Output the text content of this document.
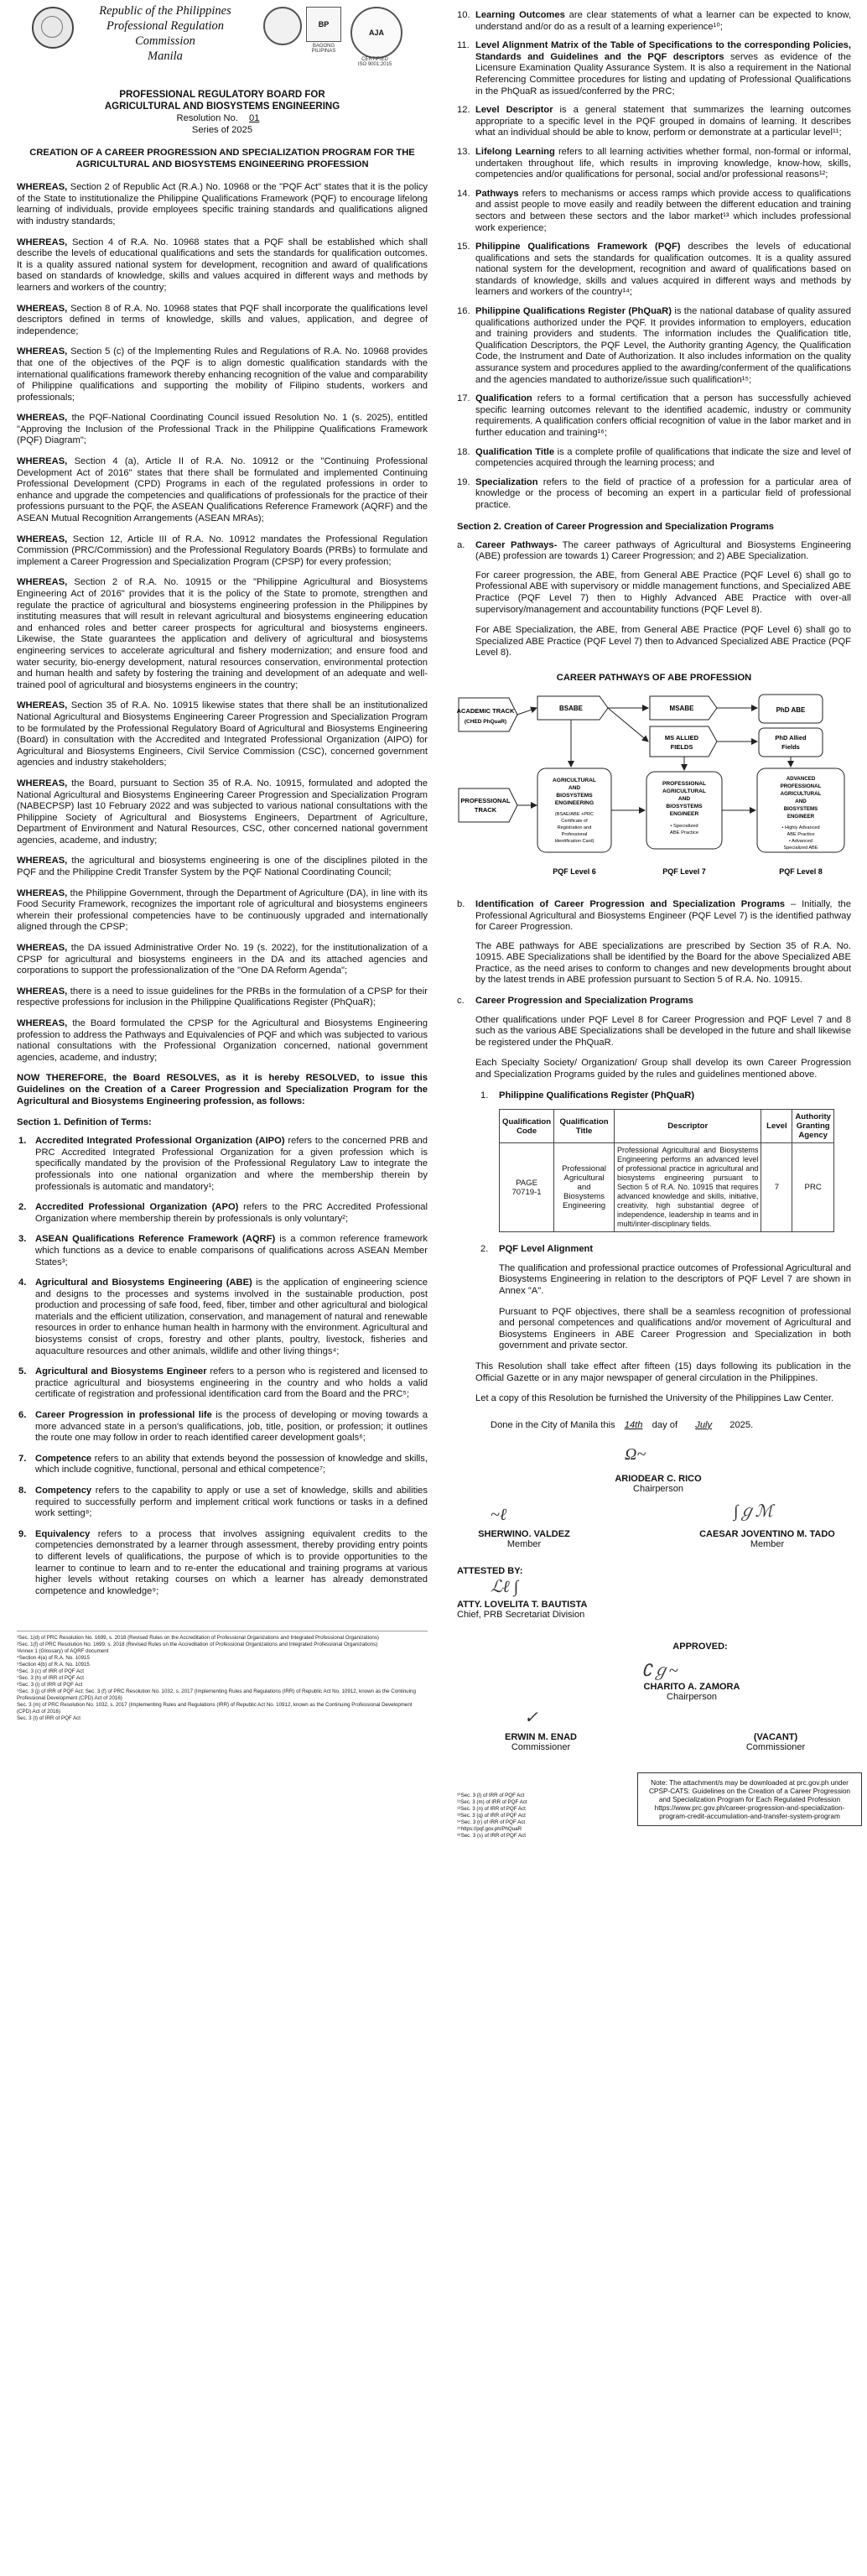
Republic of the Philippines
Professional Regulation Commission
Manila
BP
BAGONG PILIPINAS
AJA
CERTIFIED
ISO 9001:2015
PROFESSIONAL REGULATORY BOARD FOR
AGRICULTURAL AND BIOSYSTEMS ENGINEERING
Resolution No. 01
Series of 2025
CREATION OF A CAREER PROGRESSION AND SPECIALIZATION PROGRAM FOR THE AGRICULTURAL AND BIOSYSTEMS ENGINEERING PROFESSION

WHEREAS, Section 2 of Republic Act (R.A.) No. 10968 or the "PQF Act" states that it is the policy of the State to institutionalize the Philippine Qualifications Framework (PQF) to encourage lifelong learning of individuals, provide employees specific training standards and qualifications aligned with industry standards;

WHEREAS, Section 4 of R.A. No. 10968 states that a PQF shall be established which shall describe the levels of educational qualifications and sets the standards for qualification outcomes. It is a quality assured national system for development, recognition and award of qualifications based on standards of knowledge, skills and values acquired in different ways and methods by learners and workers of the country;

WHEREAS, Section 8 of R.A. No. 10968 states that PQF shall incorporate the qualifications level descriptors defined in terms of knowledge, skills and values, application, and degree of independence;

WHEREAS, Section 5 (c) of the Implementing Rules and Regulations of R.A. No. 10968 provides that one of the objectives of the PQF is to align domestic qualification standards with the international qualifications framework thereby enhancing recognition of the value and comparability of Philippine qualifications and supporting the mobility of Filipino students, workers and professionals;

WHEREAS, the PQF-National Coordinating Council issued Resolution No. 1 (s. 2025), entitled "Approving the Inclusion of the Professional Track in the Philippine Qualifications Framework (PQF) Diagram";

WHEREAS, Section 4 (a), Article II of R.A. No. 10912 or the "Continuing Professional Development Act of 2016" states that there shall be formulated and implemented Continuing Professional Development (CPD) Programs in each of the regulated professions in order to enhance and upgrade the competencies and qualifications of professionals for the practice of their professions pursuant to the PQF, the ASEAN Qualifications Reference Framework (AQRF) and the ASEAN Mutual Recognition Arrangements (ASEAN MRAs);

WHEREAS, Section 12, Article III of R.A. No. 10912 mandates the Professional Regulation Commission (PRC/Commission) and the Professional Regulatory Boards (PRBs) to formulate and implement a Career Progression and Specialization Program (CPSP) for every profession;

WHEREAS, Section 2 of R.A. No. 10915 or the "Philippine Agricultural and Biosystems Engineering Act of 2016" provides that it is the policy of the State to promote, strengthen and regulate the practice of agricultural and biosystems engineering profession in the Philippines by instituting measures that will result in relevant agricultural and biosystems engineering education and enhanced roles and better career prospects for agricultural and biosystems engineers. Likewise, the State guarantees the application and delivery of agricultural and biosystems engineering services to accelerate agricultural and fishery modernization; and ensure food and water security, bio-energy development, natural resources conservation, environmental protection and human health and safety by fostering the training and development of an adequate and well-trained pool of agricultural and biosystems engineers in the country;

WHEREAS, Section 35 of R.A. No. 10915 likewise states that there shall be an institutionalized National Agricultural and Biosystems Engineering Career Progression and Specialization Program to be formulated by the Professional Regulatory Board of Agricultural and Biosystems Engineering (Board) in consultation with the Accredited and Integrated Professional Organization (AIPO) for Agricultural and Biosystems Engineers, Civil Service Commission (CSC), concerned government agencies and industry stakeholders;

WHEREAS, the Board, pursuant to Section 35 of R.A. No. 10915, formulated and adopted the National Agricultural and Biosystems Engineering Career Progression and Specialization Program (NABECPSP) last 10 February 2022 and was subjected to various national consultations with the Philippine Society of Agricultural and Biosystems Engineers, Department of Agriculture, Department of Environment and Natural Resources, CSC, other concerned national government agencies, academe, and industry;

WHEREAS, the agricultural and biosystems engineering is one of the disciplines piloted in the PQF and the Philippine Credit Transfer System by the PQF National Coordinating Council;

WHEREAS, the Philippine Government, through the Department of Agriculture (DA), in line with its Food Security Framework, recognizes the important role of agricultural and biosystems engineers wherein their professional competencies have to be continuously upgraded and internationally aligned through the CPSP;

WHEREAS, the DA issued Administrative Order No. 19 (s. 2022), for the institutionalization of a CPSP for agricultural and biosystems engineers in the DA and its attached agencies and corporations to support the professionalization of the "One DA Reform Agenda";

WHEREAS, there is a need to issue guidelines for the PRBs in the formulation of a CPSP for their respective professions for inclusion in the Philippine Qualifications Register (PhQuaR);

WHEREAS, the Board formulated the CPSP for the Agricultural and Biosystems Engineering profession to address the Pathways and Equivalencies of PQF and which was subjected to various national consultations with the Professional Organization concerned, national government agencies, academe, and industry;

NOW THEREFORE, the Board RESOLVES, as it is hereby RESOLVED, to issue this Guidelines on the Creation of a Career Progression and Specialization Program for the Agricultural and Biosystems Engineering profession, as follows:

Section 1. Definition of Terms:

1. Accredited Integrated Professional Organization (AIPO) refers to the concerned PRB and PRC Accredited Integrated Professional Organization for a given profession which is specifically mandated by the provision of the Professional Regulatory Law to integrate the professionals into one national organization and where the membership therein by professionals is automatic and mandatory¹;

2. Accredited Professional Organization (APO) refers to the PRC Accredited Professional Organization where membership therein by professionals is only voluntary²;

3. ASEAN Qualifications Reference Framework (AQRF) is a common reference framework which functions as a device to enable comparisons of qualifications across ASEAN Member States³;

4. Agricultural and Biosystems Engineering (ABE) is the application of engineering science and designs to the processes and systems involved in the sustainable production, post production and processing of safe food, feed, fiber, timber and other agricultural and biological materials and the efficient utilization, conservation, and management of natural and renewable resources in order to enhance human health in harmony with the environment. Agricultural and biosystems consist of crops, forestry and other plants, poultry, livestock, fisheries and aquaculture resources and other animals, wildlife and other living things⁴;

5. Agricultural and Biosystems Engineer refers to a person who is registered and licensed to practice agricultural and biosystems engineering in the country and who holds a valid certificate of registration and professional identification card from the Board and the PRC⁵;

6. Career Progression in professional life is the process of developing or moving towards a more advanced state in a person's qualifications, job, title, position, or profession; it outlines the route one may follow in order to reach identified career development goals⁶;

7. Competence refers to an ability that extends beyond the possession of knowledge and skills, which include cognitive, functional, personal and ethical competence⁷;

8. Competency refers to the capability to apply or use a set of knowledge, skills and abilities required to successfully perform and implement critical work functions or tasks in a defined work setting⁸;

9. Equivalency refers to a process that involves assigning equivalent credits to the competencies demonstrated by a learner through assessment, thereby providing entry points to different levels of qualifications, the purpose of which is to provide opportunities to the learner to continue to learn and to re-enter the educational and training programs at various higher levels without retaking courses on which a learner has already demonstrated competence and knowledge⁹;

¹Sec. 1(d) of PRC Resolution No. 1699, s. 2018 (Revised Rules on the Accreditation of Professional Organizations and Integrated Professional Organizations)
²Sec. 1(f) of PRC Resolution No. 1699, s. 2018 (Revised Rules on the Accreditation of Professional Organizations and Integrated Professional Organizations)
³Annex 1 (Glossary) of AQRF document
⁴Section 4(a) of R.A. No. 10915
⁵Section 4(b) of R.A. No. 10915
⁶Sec. 3 (c) of IRR of PQF Act
⁷Sec. 3 (h) of IRR of PQF Act
⁸Sec. 3 (i) of IRR of PQF Act
⁹Sec. 3 (j) of IRR of PQF Act; Sec. 3 (f) of PRC Resolution No. 1032, s. 2017 (Implementing Rules and Regulations (IRR) of Republic Act No. 10912, known as the Continuing Professional Development (CPD) Act of 2016)
Sec. 3 (m) of PRC Resolution No. 1032, s. 2017 (Implementing Rules and Regulations (IRR) of Republic Act No. 10912, known as the Continuing Professional Development (CPD) Act of 2016)
Sec. 3 (t) of IRR of PQF Act

10. Learning Outcomes are clear statements of what a learner can be expected to know, understand and/or do as a result of a learning experience¹⁰;

11. Level Alignment Matrix of the Table of Specifications to the corresponding Policies, Standards and Guidelines and the PQF descriptors serves as evidence of the Licensure Examination Quality Assurance System. It is also a requirement in the National Referencing Committee procedures for listing and updating of Professional Qualifications in the PhQuaR as issued/conferred by the PRC;

12. Level Descriptor is a general statement that summarizes the learning outcomes appropriate to a specific level in the PQF grouped in domains of learning. It describes what an individual should be able to know, perform or demonstrate at a particular level¹¹;

13. Lifelong Learning refers to all learning activities whether formal, non-formal or informal, undertaken throughout life, which results in improving knowledge, know-how, skills, competencies and/or qualifications for personal, social and/or professional reasons¹²;

14. Pathways refers to mechanisms or access ramps which provide access to qualifications and assist people to move easily and readily between the different education and training sectors and between these sectors and the labor market¹³ which includes professional work experience;

15. Philippine Qualifications Framework (PQF) describes the levels of educational qualifications and sets the standards for qualification outcomes. It is a quality assured national system for the development, recognition and award of qualifications based on standards of knowledge, skills and values acquired in different ways and methods by learners and workers of the country¹⁴;

16. Philippine Qualifications Register (PhQuaR) is the national database of quality assured qualifications authorized under the PQF. It provides information to employers, education and training providers and students. The information includes the Qualification title, Qualification Descriptors, the PQF Level, the Authority granting Agency, the Qualification Code, the Instrument and Date of Authorization. It also includes information on the quality assurance system and procedures applied to the awarding/conferment of the qualifications and the agencies mandated to authorize/issue such qualification¹⁵;

17. Qualification refers to a formal certification that a person has successfully achieved specific learning outcomes relevant to the identified academic, industry or community requirements. A qualification confers official recognition of value in the labor market and in further education and training¹⁶;

18. Qualification Title is a complete profile of qualifications that indicate the size and level of competencies acquired through the learning process; and

19. Specialization refers to the field of practice of a profession for a particular area of knowledge or the process of becoming an expert in a particular field of professional practice.

Section 2. Creation of Career Progression and Specialization Programs

a. Career Pathways- The career pathways of Agricultural and Biosystems Engineering (ABE) profession are towards 1) Career Progression; and 2) ABE Specialization.

For career progression, the ABE, from General ABE Practice (PQF Level 6) shall go to Professional ABE with supervisory or middle management functions, and Specialized ABE Practice (PQF Level 7) then to Highly Advanced ABE Practice with over-all supervisory/management and accountability functions (PQF Level 8).

For ABE Specialization, the ABE, from General ABE Practice (PQF Level 6) shall go to Specialized ABE Practice (PQF Level 7) then to Advanced Specialized ABE Practice (PQF Level 8).

CAREER PATHWAYS OF ABE PROFESSION
ACADEMIC TRACK
(CHED PhQuaR)
PROFESSIONAL
TRACK
BSABE	MSABE	PhD ABE
MS ALLIED
FIELDS
PhD Allied
Fields
AGRICULTURAL
AND
BIOSYSTEMS
ENGINEERING
(BSAE/ABE +PRC
Certificate of
Registration and
Professional
Identification Card)
PROFESSIONAL
AGRICULTURAL
AND
BIOSYSTEMS
ENGINEER
• Specialized
ABE Practice
ADVANCED
PROFESSIONAL
AGRICULTURAL
AND
BIOSYSTEMS
ENGINEER
• Highly Advanced
ABE Practice
• Advanced
Specialized ABE
PQF Level 6	PQF Level 7	PQF Level 8

b. Identification of Career Progression and Specialization Programs – Initially, the Professional Agricultural and Biosystems Engineer (PQF Level 7) is the identified pathway for Career Progression.

The ABE pathways for ABE specializations are prescribed by Section 35 of R.A. No. 10915. ABE Specializations shall be identified by the Board for the above Specialized ABE Practice, as the need arises to conform to changes and new developments brought about by the latest trends in ABE profession pursuant to Section 5 of R.A. No. 10915.

c. Career Progression and Specialization Programs

Other qualifications under PQF Level 8 for Career Progression and PQF Level 7 and 8 such as the various ABE Specializations shall be developed in the future and shall likewise be registered under the PhQuaR.

Each Specialty Society/ Organization/ Group shall develop its own Career Progression and Specialization Programs guided by the rules and guidelines mentioned above.

1. Philippine Qualifications Register (PhQuaR)

Qualification Code	Qualification Title	Descriptor	Level	Authority Granting Agency
PAGE 70719-1	Professional Agricultural and Biosystems Engineering	Professional Agricultural and Biosystems Engineering performs an advanced level of professional practice in agricultural and biosystems engineering pursuant to Section 5 of R.A. No. 10915 that requires advanced knowledge and skills, initiative, creativity, high substantial degree of independence, leadership in teams and in multi/inter-disciplinary fields.	7	PRC

2. PQF Level Alignment

The qualification and professional practice outcomes of Professional Agricultural and Biosystems Engineering in relation to the descriptors of PQF Level 7 are shown in Annex "A".

Pursuant to PQF objectives, there shall be a seamless recognition of professional and personal competences and qualifications and/or movement of Agricultural and Biosystems Engineers in ABE Career Progression and Specialization in both government and private sector.

This Resolution shall take effect after fifteen (15) days following its publication in the Official Gazette or in any major newspaper of general circulation in the Philippines.

Let a copy of this Resolution be furnished the University of the Philippines Law Center.

Done in the City of Manila this 14th day of July 2025.

Ω~
ARIODEAR C. RICO
Chairperson
~ℓ	∫ℊℳ
SHERWINO. VALDEZ
Member
CAESAR JOVENTINO M. TADO
Member
ATTESTED BY:
ℒℓ ∫
ATTY. LOVELITA T. BAUTISTA
Chief, PRB Secretariat Division
APPROVED:
∁ℊ~
CHARITO A. ZAMORA
Chairperson
✓
ERWIN M. ENAD
Commissioner
(VACANT)
Commissioner
¹⁰Sec. 3 (l) of IRR of PQF Act
¹¹Sec. 3 (m) of IRR of PQF Act
¹²Sec. 3 (n) of IRR of PQF Act
¹³Sec. 3 (q) of IRR of PQF Act
¹⁴Sec. 3 (r) of IRR of PQF Act
¹⁵https://pqf.gov.ph/PhQuaR
¹⁶Sec. 3 (s) of IRR of PQF Act
Note: The attachment/s may be downloaded at prc.gov.ph under CPSP-CATS: Guidelines on the Creation of a Career Progression and Specialization Program for Each Regulated Profession https://www.prc.gov.ph/career-progression-and-specialization-program-credit-accumulation-and-transfer-system-program
